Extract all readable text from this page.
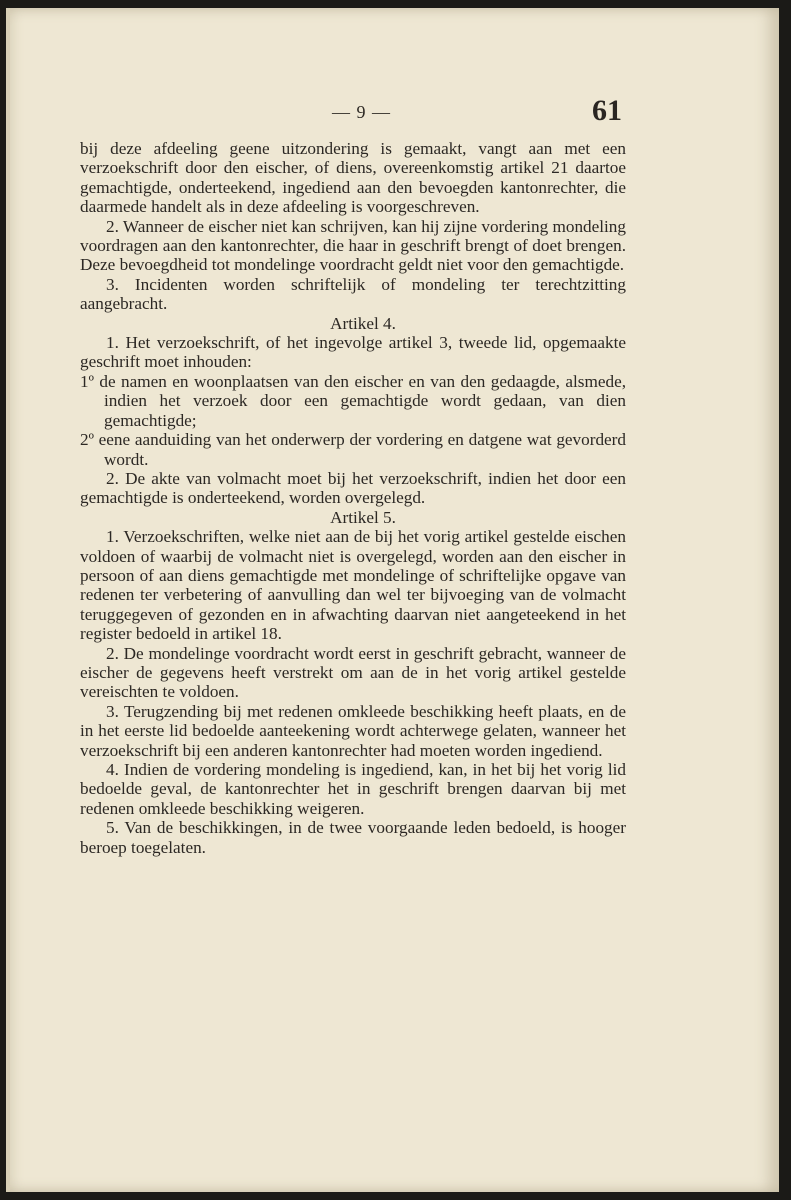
— 9 —	61

bij deze afdeeling geene uitzondering is gemaakt, vangt aan met een verzoekschrift door den eischer, of diens, overeenkomstig artikel 21 daartoe gemachtigde, onderteekend, ingediend aan den bevoegden kantonrechter, die daarmede handelt als in deze afdeeling is voorgeschreven.

2. Wanneer de eischer niet kan schrijven, kan hij zijne vordering mondeling voordragen aan den kantonrechter, die haar in geschrift brengt of doet brengen. Deze bevoegdheid tot mondelinge voordracht geldt niet voor den gemachtigde.

3. Incidenten worden schriftelijk of mondeling ter terechtzitting aangebracht.

Artikel 4.

1. Het verzoekschrift, of het ingevolge artikel 3, tweede lid, opgemaakte geschrift moet inhouden:

1º de namen en woonplaatsen van den eischer en van den gedaagde, alsmede, indien het verzoek door een gemachtigde wordt gedaan, van dien gemachtigde;

2º eene aanduiding van het onderwerp der vordering en datgene wat gevorderd wordt.

2. De akte van volmacht moet bij het verzoekschrift, indien het door een gemachtigde is onderteekend, worden overgelegd.

Artikel 5.

1. Verzoekschriften, welke niet aan de bij het vorig artikel gestelde eischen voldoen of waarbij de volmacht niet is overgelegd, worden aan den eischer in persoon of aan diens gemachtigde met mondelinge of schriftelijke opgave van redenen ter verbetering of aanvulling dan wel ter bijvoeging van de volmacht teruggegeven of gezonden en in afwachting daarvan niet aangeteekend in het register bedoeld in artikel 18.

2. De mondelinge voordracht wordt eerst in geschrift gebracht, wanneer de eischer de gegevens heeft verstrekt om aan de in het vorig artikel gestelde vereischten te voldoen.

3. Terugzending bij met redenen omkleede beschikking heeft plaats, en de in het eerste lid bedoelde aanteekening wordt achterwege gelaten, wanneer het verzoekschrift bij een anderen kantonrechter had moeten worden ingediend.

4. Indien de vordering mondeling is ingediend, kan, in het bij het vorig lid bedoelde geval, de kantonrechter het in geschrift brengen daarvan bij met redenen omkleede beschikking weigeren.

5. Van de beschikkingen, in de twee voorgaande leden bedoeld, is hooger beroep toegelaten.
